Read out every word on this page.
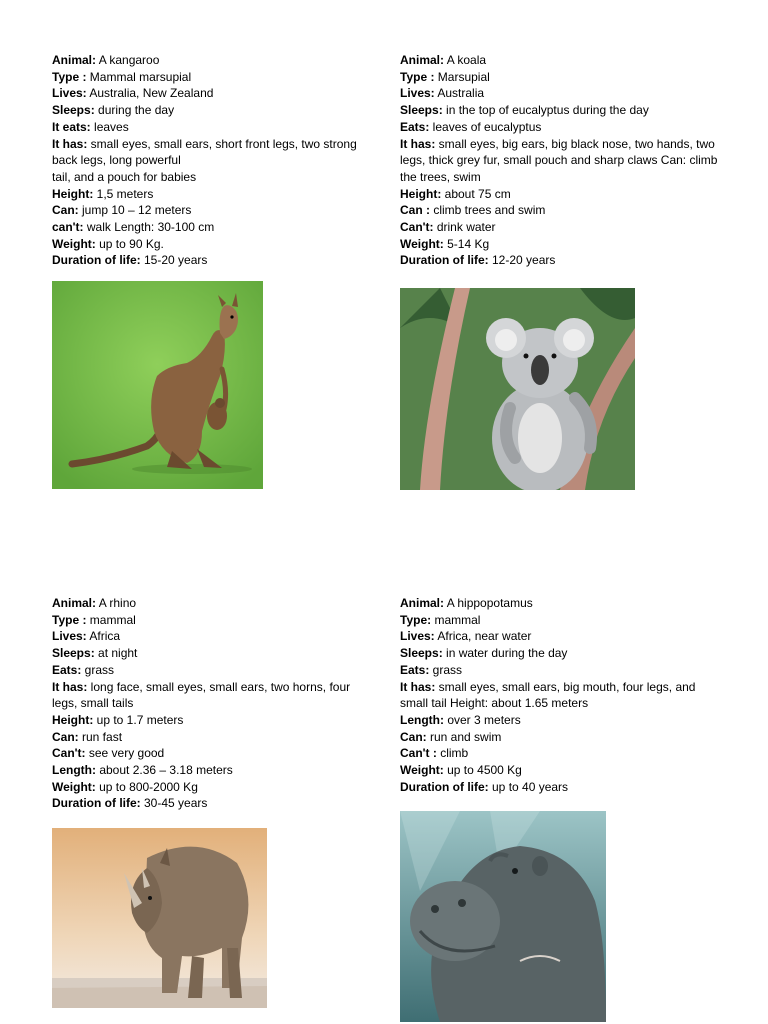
Animal: A kangaroo
Type : Mammal marsupial
Lives: Australia, New Zealand
Sleeps: during the day
It eats: leaves
It has: small eyes, small ears, short front legs, two strong back legs, long powerful
tail, and a pouch for babies
Height: 1,5 meters
Can: jump 10 – 12 meters
can't: walk Length: 30-100 cm
Weight: up to 90 Kg.
Duration of life: 15-20 years
Animal: A koala
Type : Marsupial
Lives: Australia
Sleeps: in the top of eucalyptus during the day
Eats: leaves of eucalyptus
It has: small eyes, big ears, big black nose, two hands, two legs, thick grey fur, small pouch and sharp claws Can: climb the trees, swim
Height: about 75 cm
Can : climb trees and swim
Can't: drink water
Weight: 5-14 Kg
Duration of life: 12-20 years
Animal: A rhino
Type : mammal
Lives: Africa
Sleeps: at night
Eats: grass
It has: long face, small eyes, small ears, two horns, four legs, small tails
Height: up to 1.7 meters
Can: run fast
Can't: see very good
Length: about 2.36 – 3.18 meters
Weight: up to 800-2000 Kg
Duration of life: 30-45 years
Animal: A hippopotamus
Type: mammal
Lives: Africa, near water
Sleeps: in water during the day
Eats: grass
It has: small eyes, small ears, big mouth, four legs, and small tail Height: about 1.65 meters
Length: over 3 meters
Can: run and swim
Can't : climb
Weight: up to 4500 Kg
Duration of life: up to 40 years
